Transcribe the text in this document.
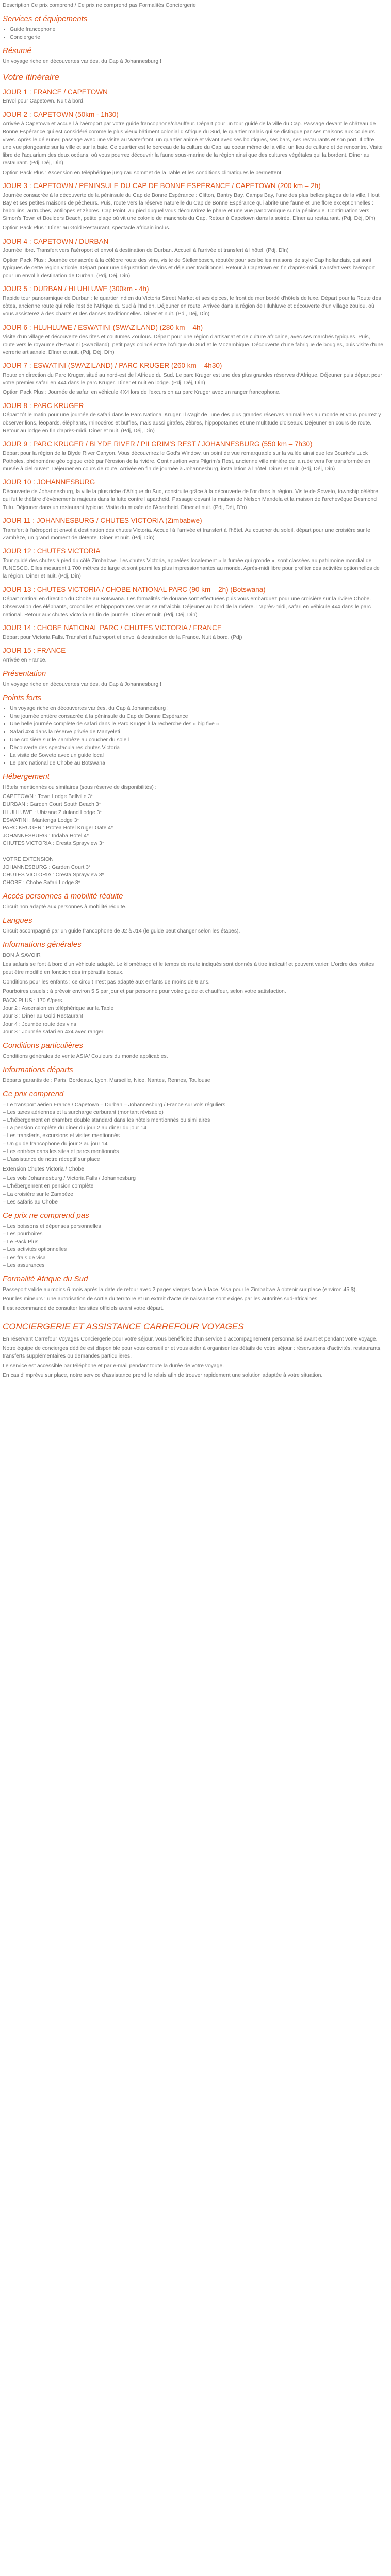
Description Ce prix comprend / Ce prix ne comprend pas Formalités Conciergerie

Services et équipements
• Guide francophone
• Conciergerie
Résumé

Un voyage riche en découvertes variées, du Cap à Johannesburg !

Votre itinéraire
JOUR 1 : FRANCE / CAPETOWN

Envol pour Capetown. Nuit à bord.

JOUR 2 : CAPETOWN (50km - 1h30)

Arrivée à Capetown et accueil à l'aéroport par votre guide francophone/chauffeur. Départ pour un tour guidé de la ville du Cap. Passage devant le château de Bonne Espérance qui est considéré comme le plus vieux bâtiment colonial d'Afrique du Sud, le quartier malais qui se distingue par ses maisons aux couleurs vives. Après le déjeuner, passage avec une visite au Waterfront, un quartier animé et vivant avec ses boutiques, ses bars, ses restaurants et son port. Il offre une vue plongeante sur la ville et sur la baie. Ce quartier est le berceau de la culture du Cap, au coeur même de la ville, un lieu de culture et de rencontre. Visite libre de l'aquarium des deux océans, où vous pourrez découvrir la faune sous-marine de la région ainsi que des cultures végétales qui la bordent. Dîner au restaurant. (Pdj, Déj, Dîn)

Option Pack Plus : Ascension en téléphérique jusqu'au sommet de la Table et les conditions climatiques le permettent.

JOUR 3 : CAPETOWN / PÉNINSULE DU CAP DE BONNE ESPÉRANCE / CAPETOWN (200 km – 2h)

Journée consacrée à la découverte de la péninsule du Cap de Bonne Espérance : Clifton, Bantry Bay, Camps Bay, l'une des plus belles plages de la ville, Hout Bay et ses petites maisons de pêcheurs. Puis, route vers la réserve naturelle du Cap de Bonne Espérance qui abrite une faune et une flore exceptionnelles : babouins, autruches, antilopes et zèbres. Cap Point, au pied duquel vous découvrirez le phare et une vue panoramique sur la péninsule. Continuation vers Simon's Town et Boulders Beach, petite plage où vit une colonie de manchots du Cap. Retour à Capetown dans la soirée. Dîner au restaurant. (Pdj, Déj, Dîn)

Option Pack Plus : Dîner au Gold Restaurant, spectacle africain inclus.

JOUR 4 : CAPETOWN / DURBAN

Journée libre. Transfert vers l'aéroport et envol à destination de Durban. Accueil à l'arrivée et transfert à l'hôtel. (Pdj, Dîn)

Option Pack Plus : Journée consacrée à la célèbre route des vins, visite de Stellenbosch, réputée pour ses belles maisons de style Cap hollandais, qui sont typiques de cette région viticole. Départ pour une dégustation de vins et déjeuner traditionnel. Retour à Capetown en fin d'après-midi, transfert vers l'aéroport pour un envol à destination de Durban. (Pdj, Déj, Dîn)

JOUR 5 : DURBAN / HLUHLUWE (300km - 4h)

Rapide tour panoramique de Durban : le quartier indien du Victoria Street Market et ses épices, le front de mer bordé d'hôtels de luxe. Départ pour la Route des côtes, ancienne route qui relie l'est de l'Afrique du Sud à l'Indien. Déjeuner en route. Arrivée dans la région de Hluhluwe et découverte d'un village zoulou, où vous assisterez à des chants et des danses traditionnelles. Dîner et nuit. (Pdj, Déj, Dîn)

JOUR 6 : HLUHLUWE / ESWATINI (SWAZILAND) (280 km – 4h)

Visite d'un village et découverte des rites et coutumes Zoulous. Départ pour une région d'artisanat et de culture africaine, avec ses marchés typiques. Puis, route vers le royaume d'Eswatini (Swaziland), petit pays coincé entre l'Afrique du Sud et le Mozambique. Découverte d'une fabrique de bougies, puis visite d'une verrerie artisanale. Dîner et nuit. (Pdj, Déj, Dîn)

JOUR 7 : ESWATINI (SWAZILAND) / PARC KRUGER (260 km – 4h30)

Route en direction du Parc Kruger, situé au nord-est de l'Afrique du Sud. Le parc Kruger est une des plus grandes réserves d'Afrique. Déjeuner puis départ pour votre premier safari en 4x4 dans le parc Kruger. Dîner et nuit en lodge. (Pdj, Déj, Dîn)

Option Pack Plus : Journée de safari en véhicule 4X4 lors de l'excursion au parc Kruger avec un ranger francophone.

JOUR 8 : PARC KRUGER

Départ tôt le matin pour une journée de safari dans le Parc National Kruger. Il s'agit de l'une des plus grandes réserves animalières au monde et vous pourrez y observer lions, léopards, éléphants, rhinocéros et buffles, mais aussi girafes, zèbres, hippopotames et une multitude d'oiseaux. Déjeuner en cours de route. Retour au lodge en fin d'après-midi. Dîner et nuit. (Pdj, Déj, Dîn)

JOUR 9 : PARC KRUGER / BLYDE RIVER / PILGRIM'S REST / JOHANNESBURG (550 km – 7h30)

Départ pour la région de la Blyde River Canyon. Vous découvrirez le God's Window, un point de vue remarquable sur la vallée ainsi que les Bourke's Luck Potholes, phénomène géologique créé par l'érosion de la rivière. Continuation vers Pilgrim's Rest, ancienne ville minière de la ruée vers l'or transformée en musée à ciel ouvert. Déjeuner en cours de route. Arrivée en fin de journée à Johannesburg, installation à l'hôtel. Dîner et nuit. (Pdj, Déj, Dîn)

JOUR 10 : JOHANNESBURG

Découverte de Johannesburg, la ville la plus riche d'Afrique du Sud, construite grâce à la découverte de l'or dans la région. Visite de Soweto, township célèbre qui fut le théâtre d'événements majeurs dans la lutte contre l'apartheid. Passage devant la maison de Nelson Mandela et la maison de l'archevêque Desmond Tutu. Déjeuner dans un restaurant typique. Visite du musée de l'Apartheid. Dîner et nuit. (Pdj, Déj, Dîn)

JOUR 11 : JOHANNESBURG / CHUTES VICTORIA (Zimbabwe)

Transfert à l'aéroport et envol à destination des chutes Victoria. Accueil à l'arrivée et transfert à l'hôtel. Au coucher du soleil, départ pour une croisière sur le Zambèze, un grand moment de détente. Dîner et nuit. (Pdj, Dîn)

JOUR 12 : CHUTES VICTORIA

Tour guidé des chutes à pied du côté Zimbabwe. Les chutes Victoria, appelées localement « la fumée qui gronde », sont classées au patrimoine mondial de l'UNESCO. Elles mesurent 1 700 mètres de large et sont parmi les plus impressionnantes au monde. Après-midi libre pour profiter des activités optionnelles de la région. Dîner et nuit. (Pdj, Dîn)

JOUR 13 : CHUTES VICTORIA / CHOBE NATIONAL PARC (90 km – 2h) (Botswana)

Départ matinal en direction du Chobe au Botswana. Les formalités de douane sont effectuées puis vous embarquez pour une croisière sur la rivière Chobe. Observation des éléphants, crocodiles et hippopotames venus se rafraîchir. Déjeuner au bord de la rivière. L'après-midi, safari en véhicule 4x4 dans le parc national. Retour aux chutes Victoria en fin de journée. Dîner et nuit. (Pdj, Déj, Dîn)

JOUR 14 : CHOBE NATIONAL PARC / CHUTES VICTORIA / FRANCE

Départ pour Victoria Falls. Transfert à l'aéroport et envol à destination de la France. Nuit à bord. (Pdj)

JOUR 15 : FRANCE

Arrivée en France.

Présentation

Un voyage riche en découvertes variées, du Cap à Johannesburg !

Points forts
• Un voyage riche en découvertes variées, du Cap à Johannesburg !
• Une journée entière consacrée à la péninsule du Cap de Bonne Espérance
• Une belle journée complète de safari dans le Parc Kruger à la recherche des « big five »
• Safari 4x4 dans la réserve privée de Manyeleti
• Une croisière sur le Zambèze au coucher du soleil
• Découverte des spectaculaires chutes Victoria
• La visite de Soweto avec un guide local
• Le parc national de Chobe au Botswana
Hébergement

Hôtels mentionnés ou similaires (sous réserve de disponibilités) :

CAPETOWN : Town Lodge Bellville 3*

DURBAN : Garden Court South Beach 3*

HLUHLUWE : Ubizane Zululand Lodge 3*

ESWATINI : Mantenga Lodge 3*

PARC KRUGER : Protea Hotel Kruger Gate 4*

JOHANNESBURG : Indaba Hotel 4*

CHUTES VICTORIA : Cresta Sprayview 3*

VOTRE EXTENSION

JOHANNESBURG : Garden Court 3*

CHUTES VICTORIA : Cresta Sprayview 3*

CHOBE : Chobe Safari Lodge 3*

Accès personnes à mobilité réduite

Circuit non adapté aux personnes à mobilité réduite.

Langues

Circuit accompagné par un guide francophone de J2 à J14 (le guide peut changer selon les étapes).

Informations générales

BON À SAVOIR

Les safaris se font à bord d'un véhicule adapté. Le kilométrage et le temps de route indiqués sont donnés à titre indicatif et peuvent varier. L'ordre des visites peut être modifié en fonction des impératifs locaux.

Conditions pour les enfants : ce circuit n'est pas adapté aux enfants de moins de 6 ans.

Pourboires usuels : à prévoir environ 5 $ par jour et par personne pour votre guide et chauffeur, selon votre satisfaction.

PACK PLUS : 170 €/pers.

Jour 2 : Ascension en téléphérique sur la Table

Jour 3 : Dîner au Gold Restaurant

Jour 4 : Journée route des vins

Jour 8 : Journée safari en 4x4 avec ranger

Conditions particulières

Conditions générales de vente ASIA/ Couleurs du monde applicables.

Informations départs

Départs garantis de : Paris, Bordeaux, Lyon, Marseille, Nice, Nantes, Rennes, Toulouse

Ce prix comprend

– Le transport aérien France / Capetown – Durban – Johannesburg / France sur vols réguliers

– Les taxes aériennes et la surcharge carburant (montant révisable)

– L'hébergement en chambre double standard dans les hôtels mentionnés ou similaires

– La pension complète du dîner du jour 2 au dîner du jour 14

– Les transferts, excursions et visites mentionnés

– Un guide francophone du jour 2 au jour 14

– Les entrées dans les sites et parcs mentionnés

– L'assistance de notre réceptif sur place

Extension Chutes Victoria / Chobe

– Les vols Johannesburg / Victoria Falls / Johannesburg

– L'hébergement en pension complète

– La croisière sur le Zambèze

– Les safaris au Chobe

Ce prix ne comprend pas

– Les boissons et dépenses personnelles

– Les pourboires

– Le Pack Plus

– Les activités optionnelles

– Les frais de visa

– Les assurances

Formalité Afrique du Sud

Passeport valide au moins 6 mois après la date de retour avec 2 pages vierges face à face. Visa pour le Zimbabwe à obtenir sur place (environ 45 $).

Pour les mineurs : une autorisation de sortie du territoire et un extrait d'acte de naissance sont exigés par les autorités sud-africaines.

Il est recommandé de consulter les sites officiels avant votre départ.

CONCIERGERIE ET ASSISTANCE CARREFOUR VOYAGES

En réservant Carrefour Voyages Conciergerie pour votre séjour, vous bénéficiez d'un service d'accompagnement personnalisé avant et pendant votre voyage.

Notre équipe de concierges dédiée est disponible pour vous conseiller et vous aider à organiser les détails de votre séjour : réservations d'activités, restaurants, transferts supplémentaires ou demandes particulières.

Le service est accessible par téléphone et par e-mail pendant toute la durée de votre voyage.

En cas d'imprévu sur place, notre service d'assistance prend le relais afin de trouver rapidement une solution adaptée à votre situation.
